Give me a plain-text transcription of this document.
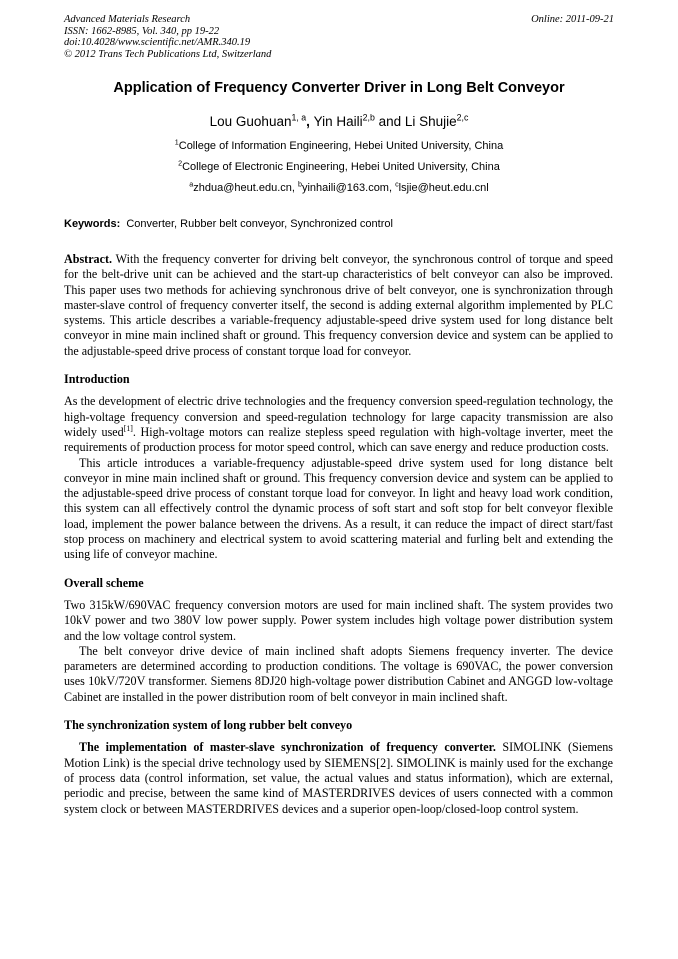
Advanced Materials Research
ISSN: 1662-8985, Vol. 340, pp 19-22
doi:10.4028/www.scientific.net/AMR.340.19
© 2012 Trans Tech Publications Ltd, Switzerland
Online: 2011-09-21
Application of Frequency Converter Driver in Long Belt Conveyor
Lou Guohuan$^{1, a}$, Yin Haili$^{2,b}$ and Li Shujie$^{2,c}$
$^1$College of Information Engineering, Hebei United University, China
$^2$College of Electronic Engineering, Hebei United University, China
$^a$zhdua@heut.edu.cn, $^b$yinhaili@163.com, $^c$lsjie@heut.edu.cnl
Keywords:  Converter, Rubber belt conveyor, Synchronized control

Abstract. With the frequency converter for driving belt conveyor, the synchronous control of torque and speed for the belt-drive unit can be achieved and the start-up characteristics of belt conveyor can also be improved. This paper uses two methods for achieving synchronous drive of belt conveyor, one is synchronization through master-slave control of frequency converter itself, the second is adding external algorithm implemented by PLC systems. This article describes a variable-frequency adjustable-speed drive system used for long distance belt conveyor in mine main inclined shaft or ground. This frequency conversion device and system can be applied to the adjustable-speed drive process of constant torque load for conveyor.

Introduction

As the development of electric drive technologies and the frequency conversion speed-regulation technology, the high-voltage frequency conversion and speed-regulation technology for large capacity transmission are also widely used[1]. High-voltage motors can realize stepless speed regulation with high-voltage inverter, meet the requirements of production process for motor speed control, which can save energy and reduce production costs.

This article introduces a variable-frequency adjustable-speed drive system used for long distance belt conveyor in mine main inclined shaft or ground. This frequency conversion device and system can be applied to the adjustable-speed drive process of constant torque load for conveyor. In light and heavy load work condition, this system can all effectively control the dynamic process of soft start and soft stop for belt conveyor flexible load, implement the power balance between the drivens. As a result, it can reduce the impact of direct start/fast stop process on machinery and electrical system to avoid scattering material and furling belt and extending the using life of conveyor machine.

Overall scheme

Two 315kW/690VAC frequency conversion motors are used for main inclined shaft. The system provides two 10kV power and two 380V low power supply. Power system includes high voltage power distribution system and the low voltage control system.

The belt conveyor drive device of main inclined shaft adopts Siemens frequency inverter. The device parameters are determined according to production conditions. The voltage is 690VAC, the power conversion uses 10kV/720V transformer. Siemens 8DJ20 high-voltage power distribution Cabinet and ANGGD low-voltage Cabinet are installed in the power distribution room of belt conveyor in main inclined shaft.

The synchronization system of long rubber belt conveyo

The implementation of master-slave synchronization of frequency converter. SIMOLINK (Siemens Motion Link) is the special drive technology used by SIEMENS[2]. SIMOLINK is mainly used for the exchange of process data (control information, set value, the actual values and status information), which are external, periodic and precise, between the same kind of MASTERDRIVES devices of users connected with a common system clock or between MASTERDRIVES devices and a superior open-loop/closed-loop control system.
